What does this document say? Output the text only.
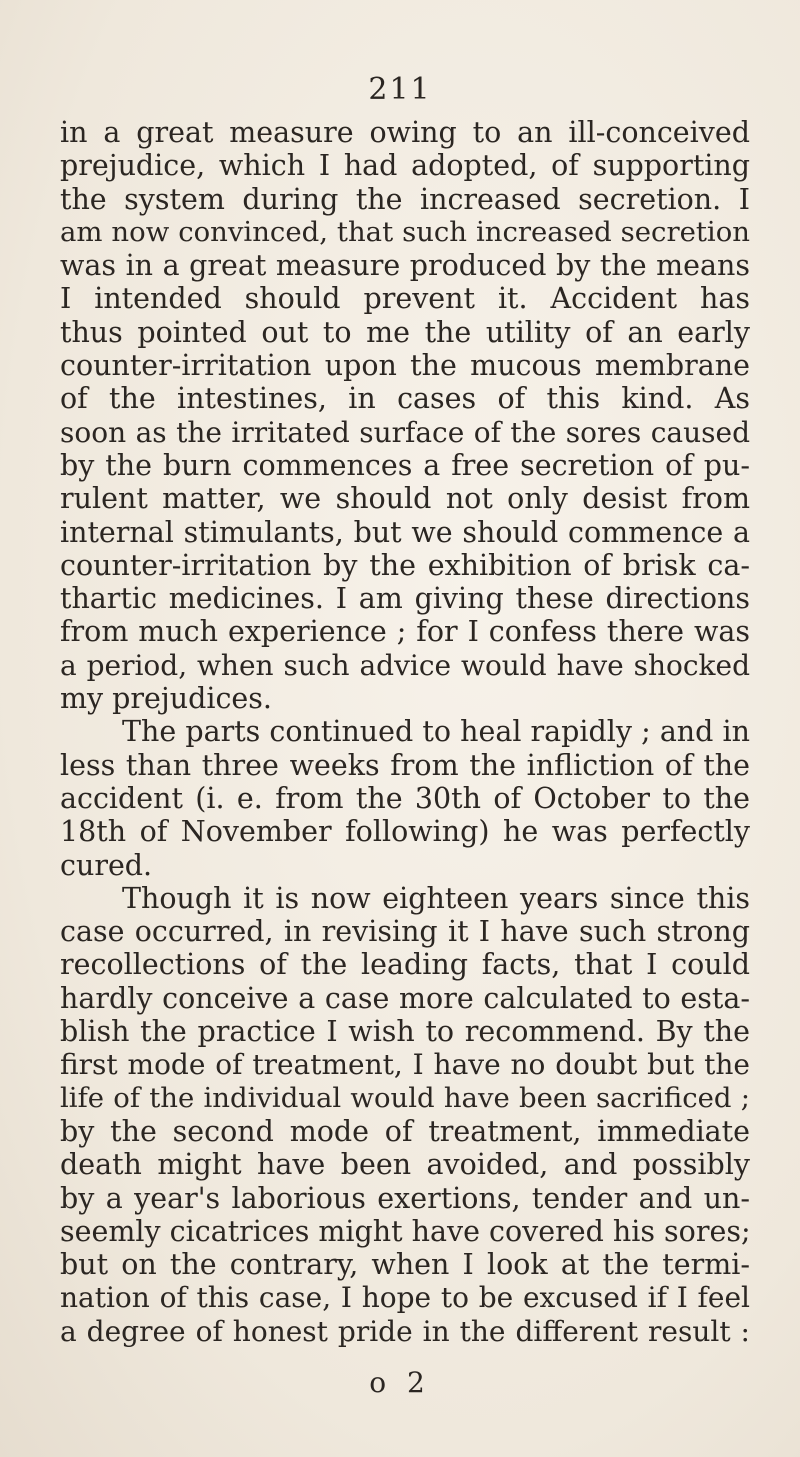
211
in a great measure owing to an ill-conceived
prejudice, which I had adopted, of supporting
the system during the increased secretion. I
am now convinced, that such increased secretion
was in a great measure produced by the means
I intended should prevent it. Accident has
thus pointed out to me the utility of an early
counter-irritation upon the mucous membrane
of the intestines, in cases of this kind. As
soon as the irritated surface of the sores caused
by the burn commences a free secretion of pu-
rulent matter, we should not only desist from
internal stimulants, but we should commence a
counter-irritation by the exhibition of brisk ca-
thartic medicines. I am giving these directions
from much experience ; for I confess there was
a period, when such advice would have shocked
my prejudices.
The parts continued to heal rapidly ; and in
less than three weeks from the infliction of the
accident (i. e. from the 30th of October to the
18th of November following) he was perfectly
cured.
Though it is now eighteen years since this
case occurred, in revising it I have such strong
recollections of the leading facts, that I could
hardly conceive a case more calculated to esta-
blish the practice I wish to recommend. By the
first mode of treatment, I have no doubt but the
life of the individual would have been sacrificed ;
by the second mode of treatment, immediate
death might have been avoided, and possibly
by a year's laborious exertions, tender and un-
seemly cicatrices might have covered his sores;
but on the contrary, when I look at the termi-
nation of this case, I hope to be excused if I feel
a degree of honest pride in the different result :
o 2
